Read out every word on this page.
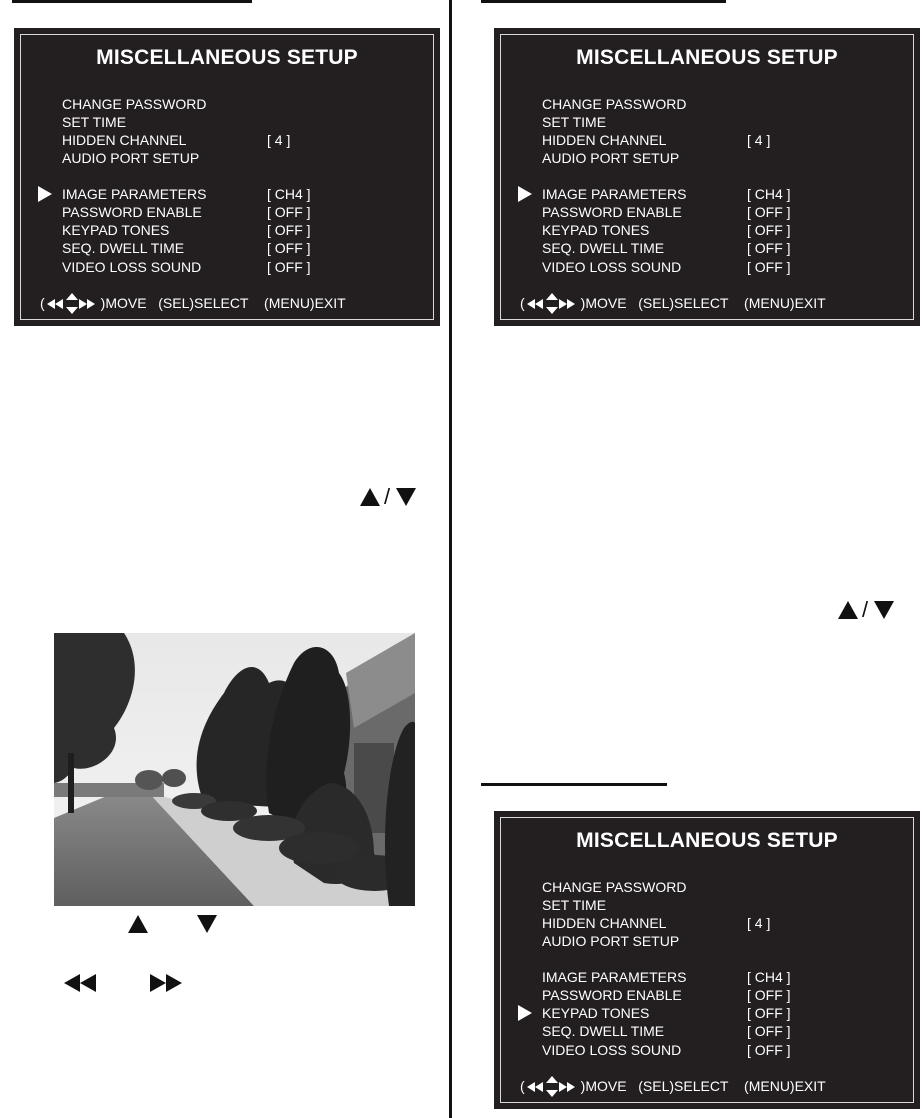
MISCELLANEOUS SETUP
CHANGE PASSWORD
SET TIME
HIDDEN CHANNEL	[ 4 ]
AUDIO PORT SETUP
IMAGE PARAMETERS	[ CH4 ]
PASSWORD ENABLE	[ OFF ]
KEYPAD TONES	[ OFF ]
SEQ. DWELL TIME	[ OFF ]
VIDEO LOSS SOUND	[ OFF ]
(	)MOVE (SEL)SELECT (MENU)EXIT
MISCELLANEOUS SETUP
CHANGE PASSWORD
SET TIME
HIDDEN CHANNEL	[ 4 ]
AUDIO PORT SETUP
IMAGE PARAMETERS	[ CH4 ]
PASSWORD ENABLE	[ OFF ]
KEYPAD TONES	[ OFF ]
SEQ. DWELL TIME	[ OFF ]
VIDEO LOSS SOUND	[ OFF ]
(	)MOVE (SEL)SELECT (MENU)EXIT
MISCELLANEOUS SETUP
CHANGE PASSWORD
SET TIME
HIDDEN CHANNEL	[ 4 ]
AUDIO PORT SETUP
IMAGE PARAMETERS	[ CH4 ]
PASSWORD ENABLE	[ OFF ]
KEYPAD TONES	[ OFF ]
SEQ. DWELL TIME	[ OFF ]
VIDEO LOSS SOUND	[ OFF ]
(	)MOVE (SEL)SELECT (MENU)EXIT
/
/
